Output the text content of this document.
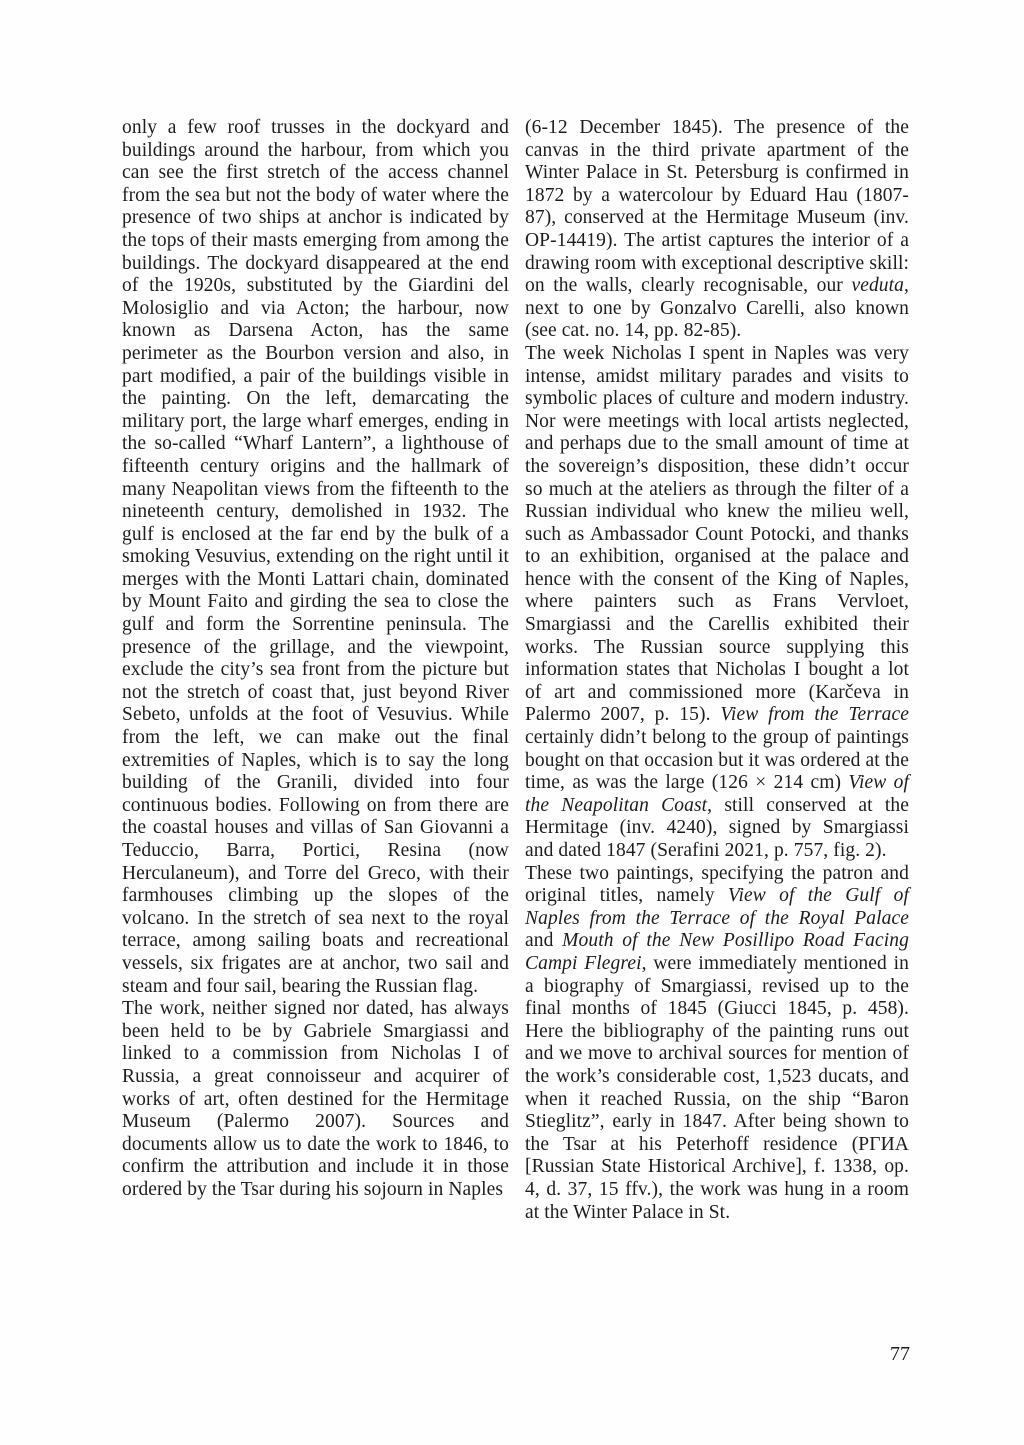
only a few roof trusses in the dockyard and buildings around the harbour, from which you can see the first stretch of the access channel from the sea but not the body of water where the presence of two ships at anchor is indicated by the tops of their masts emerging from among the buildings. The dockyard disappeared at the end of the 1920s, substituted by the Giardini del Molosiglio and via Acton; the harbour, now known as Darsena Acton, has the same perimeter as the Bourbon version and also, in part modified, a pair of the buildings visible in the painting. On the left, demarcating the military port, the large wharf emerges, ending in the so-called “Wharf Lantern”, a lighthouse of fifteenth century origins and the hallmark of many Neapolitan views from the fifteenth to the nineteenth century, demolished in 1932. The gulf is enclosed at the far end by the bulk of a smoking Vesuvius, extending on the right until it merges with the Monti Lattari chain, dominated by Mount Faito and girding the sea to close the gulf and form the Sorrentine peninsula. The presence of the grillage, and the viewpoint, exclude the city’s sea front from the picture but not the stretch of coast that, just beyond River Sebeto, unfolds at the foot of Vesuvius. While from the left, we can make out the final extremities of Naples, which is to say the long building of the Granili, divided into four continuous bodies. Following on from there are the coastal houses and villas of San Giovanni a Teduccio, Barra, Portici, Resina (now Herculaneum), and Torre del Greco, with their farmhouses climbing up the slopes of the volcano. In the stretch of sea next to the royal terrace, among sailing boats and recreational vessels, six frigates are at anchor, two sail and steam and four sail, bearing the Russian flag.

The work, neither signed nor dated, has always been held to be by Gabriele Smargiassi and linked to a commission from Nicholas I of Russia, a great connoisseur and acquirer of works of art, often destined for the Hermitage Museum (Palermo 2007). Sources and documents allow us to date the work to 1846, to confirm the attribution and include it in those ordered by the Tsar during his sojourn in Naples

(6-12 December 1845). The presence of the canvas in the third private apartment of the Winter Palace in St. Petersburg is confirmed in 1872 by a watercolour by Eduard Hau (1807-87), conserved at the Hermitage Museum (inv. OP-14419). The artist captures the interior of a drawing room with exceptional descriptive skill: on the walls, clearly recognisable, our veduta, next to one by Gonzalvo Carelli, also known (see cat. no. 14, pp. 82-85).

The week Nicholas I spent in Naples was very intense, amidst military parades and visits to symbolic places of culture and modern industry. Nor were meetings with local artists neglected, and perhaps due to the small amount of time at the sovereign’s disposition, these didn’t occur so much at the ateliers as through the filter of a Russian individual who knew the milieu well, such as Ambassador Count Potocki, and thanks to an exhibition, organised at the palace and hence with the consent of the King of Naples, where painters such as Frans Vervloet, Smargiassi and the Carellis exhibited their works. The Russian source supplying this information states that Nicholas I bought a lot of art and commissioned more (Karčeva in Palermo 2007, p. 15). View from the Terrace certainly didn’t belong to the group of paintings bought on that occasion but it was ordered at the time, as was the large (126 × 214 cm) View of the Neapolitan Coast, still conserved at the Hermitage (inv. 4240), signed by Smargiassi and dated 1847 (Serafini 2021, p. 757, fig. 2).

These two paintings, specifying the patron and original titles, namely View of the Gulf of Naples from the Terrace of the Royal Palace and Mouth of the New Posillipo Road Facing Campi Flegrei, were immediately mentioned in a biography of Smargiassi, revised up to the final months of 1845 (Giucci 1845, p. 458). Here the bibliography of the painting runs out and we move to archival sources for mention of the work’s considerable cost, 1,523 ducats, and when it reached Russia, on the ship “Baron Stieglitz”, early in 1847. After being shown to the Tsar at his Peterhoff residence (РГИА [Russian State Historical Archive], f. 1338, op. 4, d. 37, 15 ffv.), the work was hung in a room at the Winter Palace in St.

77
